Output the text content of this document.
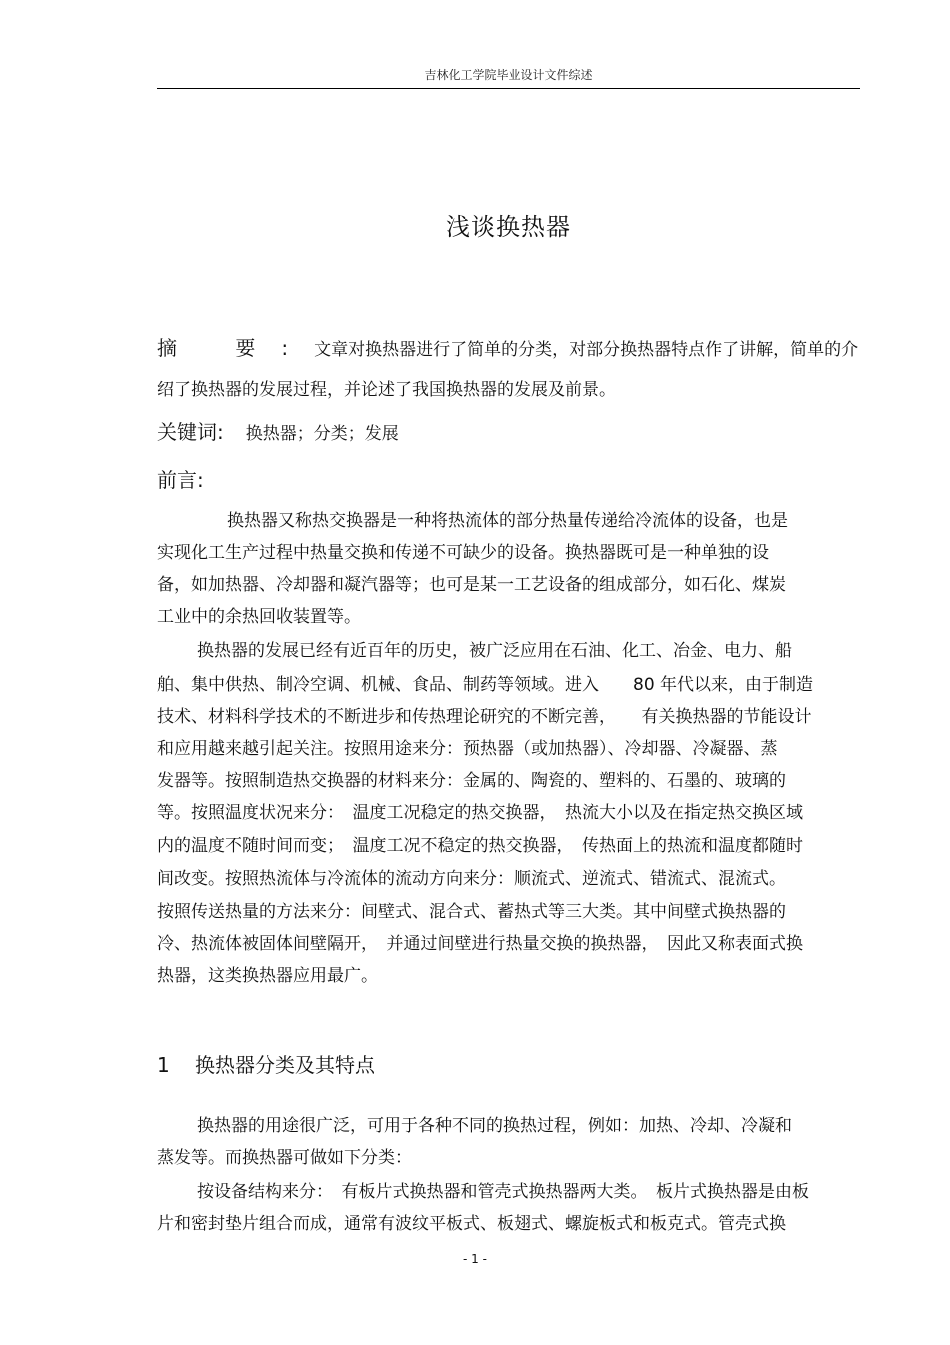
吉林化工学院毕业设计文件综述
浅谈换热器
摘 要:文章对换热器进行了简单的分类，对部分换热器特点作了讲解，简单的介
绍了换热器的发展过程，并论述了我国换热器的发展及前景。
关键词: 换热器；分类；发展
前言:
换热器又称热交换器是一种将热流体的部分热量传递给冷流体的设备，也是
实现化工生产过程中热量交换和传递不可缺少的设备。换热器既可是一种单独的设
备，如加热器、冷却器和凝汽器等；也可是某一工艺设备的组成部分，如石化、煤炭
工业中的余热回收装置等。
换热器的发展已经有近百年的历史，被广泛应用在石油、化工、冶金、电力、船
舶、集中供热、制冷空调、机械、食品、制药等领域。进入　　80 年代以来，由于制造
技术、材料科学技术的不断进步和传热理论研究的不断完善，　　有关换热器的节能设计
和应用越来越引起关注。按照用途来分：预热器（或加热器）、冷却器、冷凝器、蒸
发器等。按照制造热交换器的材料来分：金属的、陶瓷的、塑料的、石墨的、玻璃的
等。按照温度状况来分：　温度工况稳定的热交换器，　热流大小以及在指定热交换区域
内的温度不随时间而变；　温度工况不稳定的热交换器，　传热面上的热流和温度都随时
间改变。按照热流体与冷流体的流动方向来分：顺流式、逆流式、错流式、混流式。
按照传送热量的方法来分：间壁式、混合式、蓄热式等三大类。其中间壁式换热器的
冷、热流体被固体间壁隔开，　并通过间壁进行热量交换的换热器，　因此又称表面式换
热器，这类换热器应用最广。
1 换热器分类及其特点
换热器的用途很广泛，可用于各种不同的换热过程，例如：加热、冷却、冷凝和
蒸发等。而换热器可做如下分类：
按设备结构来分：　有板片式换热器和管壳式换热器两大类。　板片式换热器是由板
片和密封垫片组合而成，通常有波纹平板式、板翅式、螺旋板式和板克式。管壳式换
- 1 -
